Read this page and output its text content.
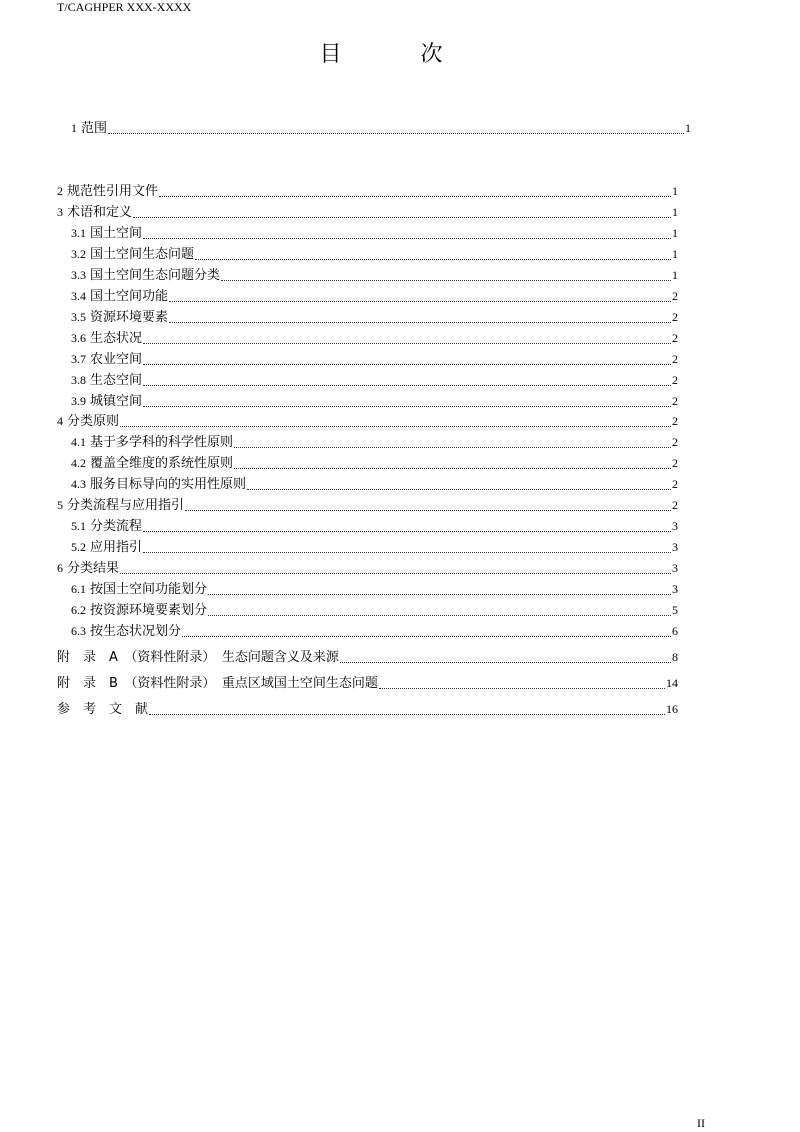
T/CAGHPER XXX-XXXX
目 次
1 范围	1
2 规范性引用文件	1
3 术语和定义	1
3.1 国土空间	1
3.2 国土空间生态问题	1
3.3 国土空间生态问题分类	1
3.4 国土空间功能	2
3.5 资源环境要素	2
3.6 生态状况	2
3.7 农业空间	2
3.8 生态空间	2
3.9 城镇空间	2
4 分类原则	2
4.1 基于多学科的科学性原则	2
4.2 覆盖全维度的系统性原则	2
4.3 服务目标导向的实用性原则	2
5 分类流程与应用指引	2
5.1 分类流程	3
5.2 应用指引	3
6 分类结果	3
6.1 按国土空间功能划分	3
6.2 按资源环境要素划分	5
6.3 按生态状况划分	6
附　录　A　（资料性附录）　生态问题含义及来源	8
附　录　B　（资料性附录）　重点区域国土空间生态问题	14
参　考　文　献	16
II
